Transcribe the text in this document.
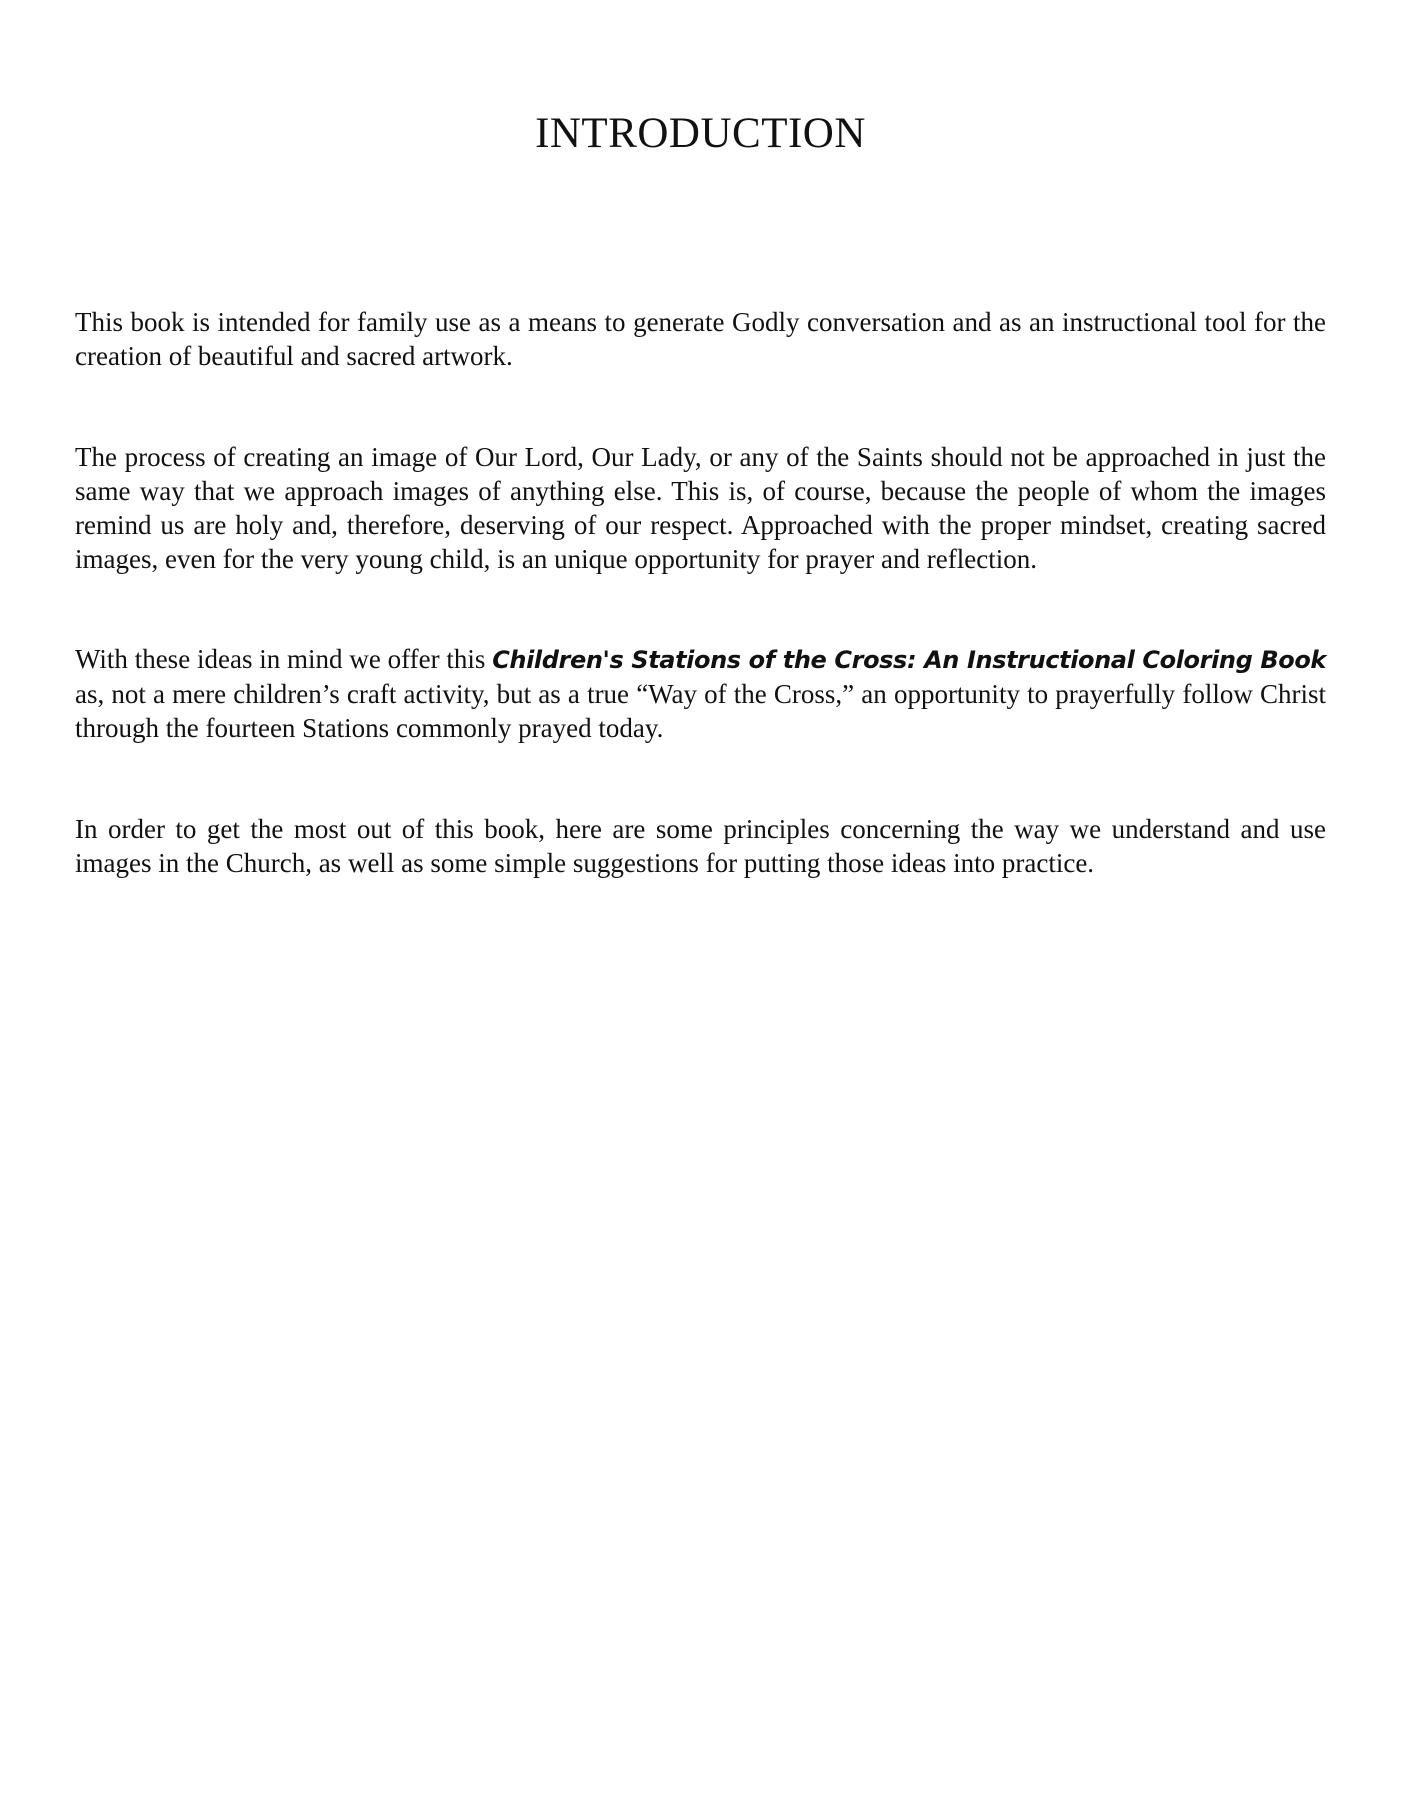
INTRODUCTION

This book is intended for family use as a means to generate Godly conversation and as an instructional tool for the creation of beautiful and sacred artwork.

The process of creating an image of Our Lord, Our Lady, or any of the Saints should not be approached in just the same way that we approach images of anything else. This is, of course, because the people of whom the images remind us are holy and, therefore, deserving of our respect. Approached with the proper mindset, creating sacred images, even for the very young child, is an unique opportunity for prayer and reflection.

With these ideas in mind we offer this Children's Stations of the Cross: An Instructional Coloring Book as, not a mere children’s craft activity, but as a true “Way of the Cross,” an opportunity to prayerfully follow Christ through the fourteen Stations commonly prayed today.

In order to get the most out of this book, here are some principles concerning the way we understand and use images in the Church, as well as some simple suggestions for putting those ideas into practice.
